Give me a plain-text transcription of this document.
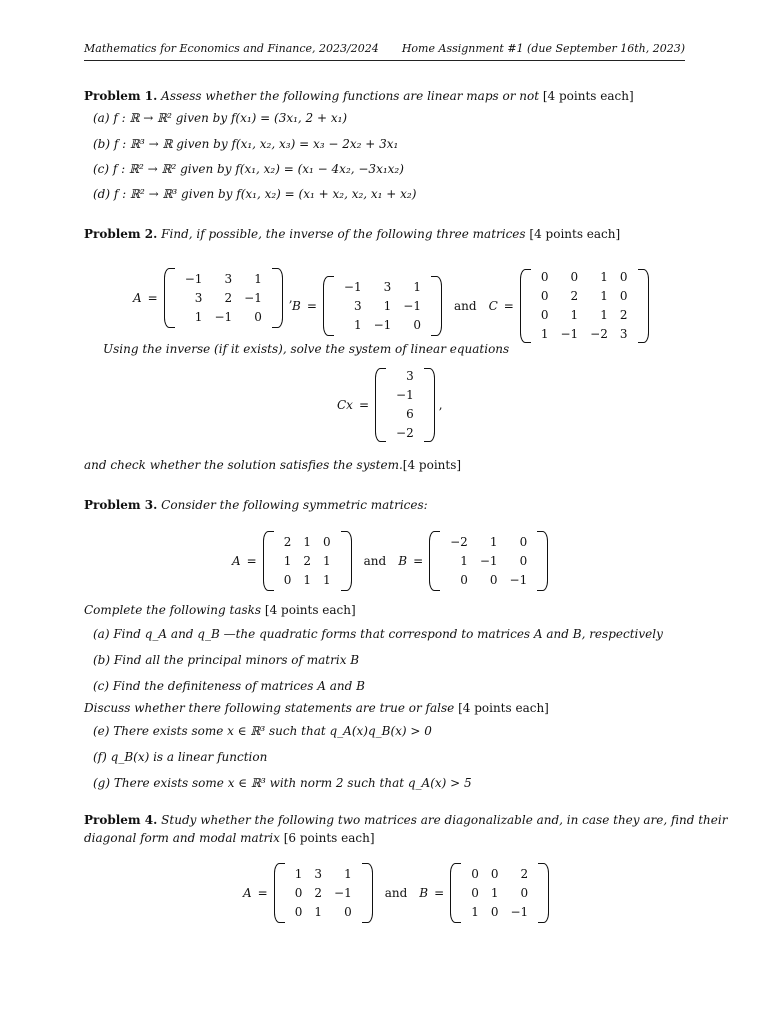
Mathematics for Economics and Finance, 2023/2024 Home Assignment #1 (due September 16th, 2023)
Problem 1. Assess whether the following functions are linear maps or not [4 points each]
(a) f : ℝ → ℝ² given by f(x₁) = (3x₁, 2 + x₁)
(b) f : ℝ³ → ℝ given by f(x₁, x₂, x₃) = x₃ − 2x₂ + 3x₁
(c) f : ℝ² → ℝ² given by f(x₁, x₂) = (x₁ − 4x₂, −3x₁x₂)
(d) f : ℝ² → ℝ³ given by f(x₁, x₂) = (x₁ + x₂, x₂, x₁ + x₂)
Problem 2. Find, if possible, the inverse of the following three matrices [4 points each]
A =
−1	3	1
3	2	−1
1	−1	0
,
B =
−1	3	1
3	1	−1
1	−1	0
and C =
0	0	1	0
0	2	1	0
0	1	1	2
1	−1	−2	3
Using the inverse (if it exists), solve the system of linear equations
Cx =
3
−1
6
−2
,
and check whether the solution satisfies the system.[4 points]
Problem 3. Consider the following symmetric matrices:
A =
2	1	0
1	2	1
0	1	1
and B =
−2	1	0
1	−1	0
0	0	−1
Complete the following tasks [4 points each]
(a) Find q_A and q_B —the quadratic forms that correspond to matrices A and B, respectively
(b) Find all the principal minors of matrix B
(c) Find the definiteness of matrices A and B
Discuss whether there following statements are true or false [4 points each]
(e) There exists some x ∈ ℝ³ such that q_A(x)q_B(x) > 0
(f) q_B(x) is a linear function
(g) There exists some x ∈ ℝ³ with norm 2 such that q_A(x) > 5
Problem 4. Study whether the following two matrices are diagonalizable and, in case they are, find their
diagonal form and modal matrix [6 points each]
A =
1	3	1
0	2	−1
0	1	0
and B =
0	0	2
0	1	0
1	0	−1
